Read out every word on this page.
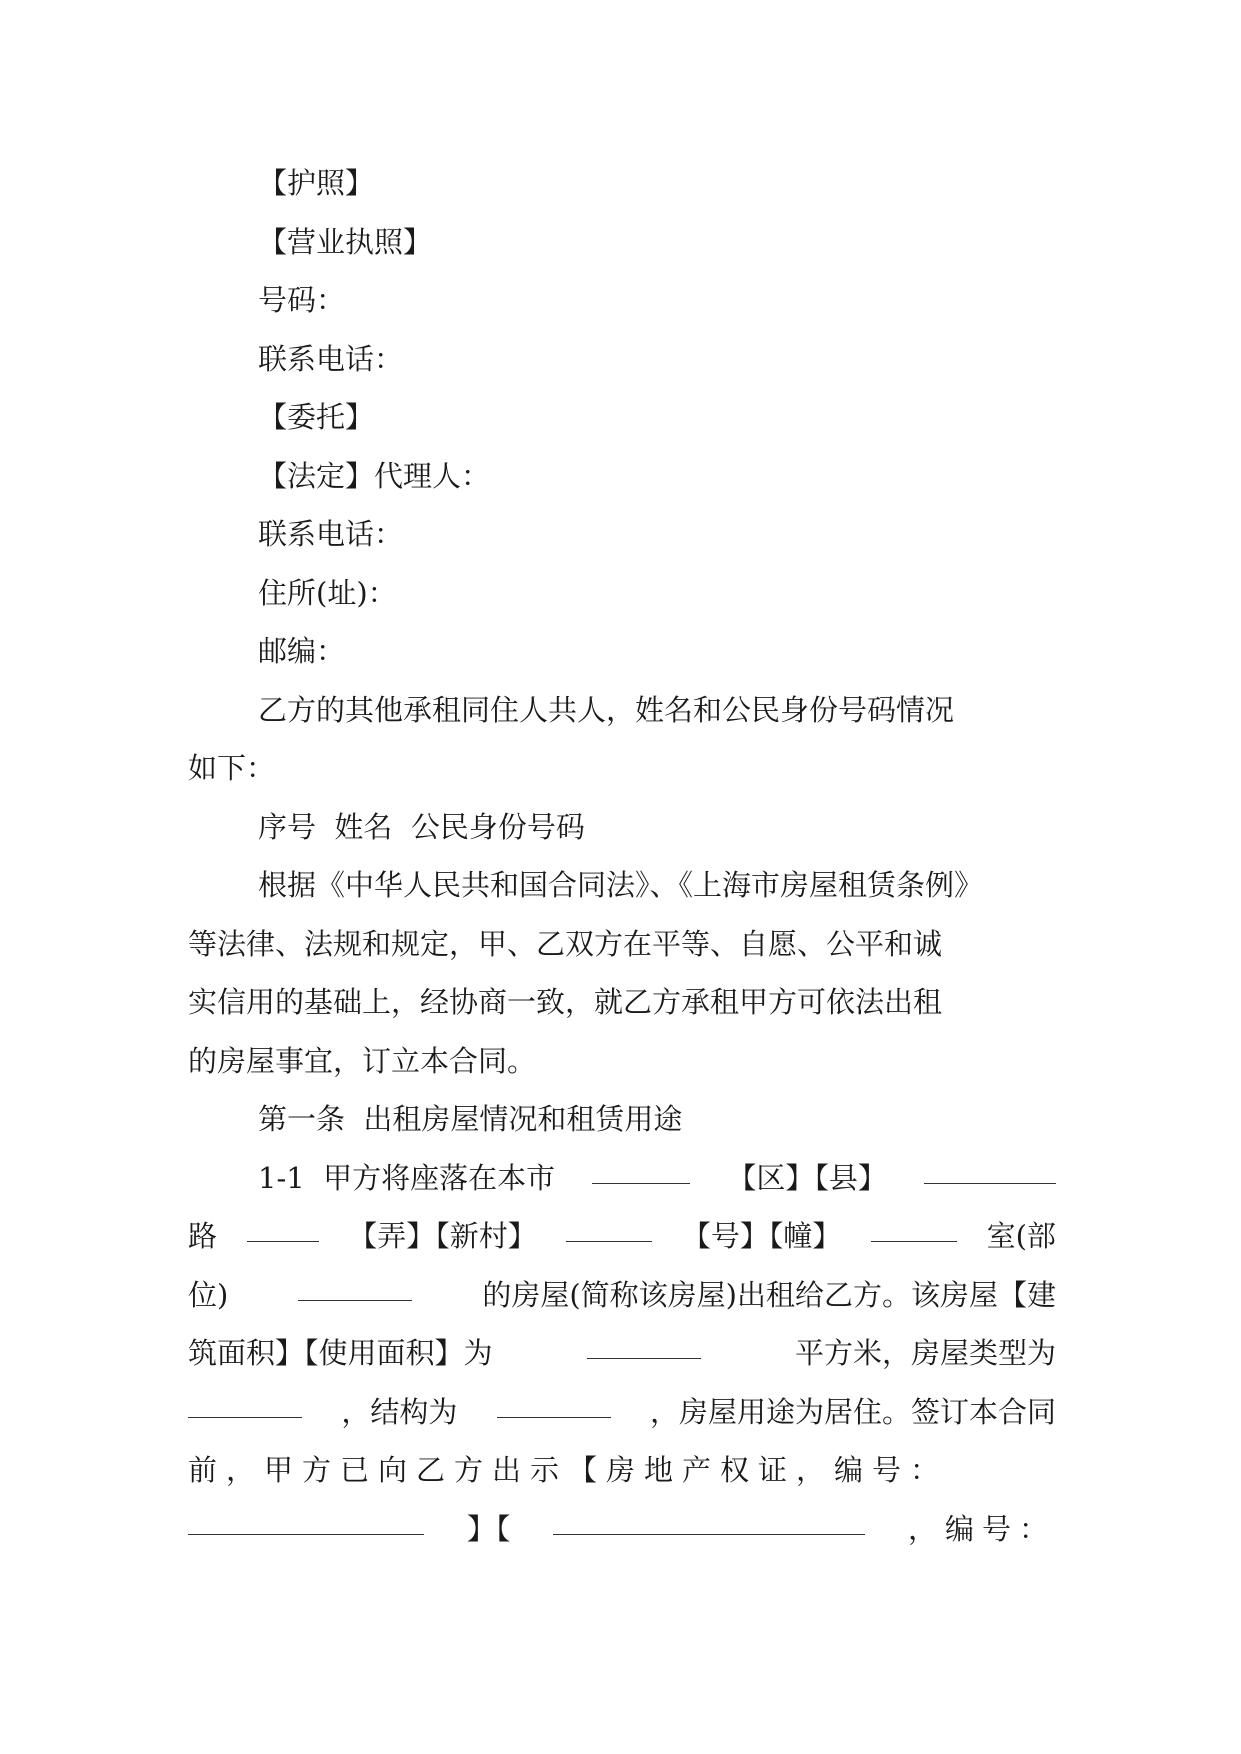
【护照】
【营业执照】
号码：
联系电话：
【委托】
【法定】代理人：
联系电话：
住所(址)：
邮编：
乙方的其他承租同住人共人，姓名和公民身份号码情况
如下：
序号  姓名  公民身份号码
根据《中华人民共和国合同法》、《上海市房屋租赁条例》
等法律、法规和规定，甲、乙双方在平等、自愿、公平和诚
实信用的基础上，经协商一致，就乙方承租甲方可依法出租
的房屋事宜，订立本合同。
第一条  出租房屋情况和租赁用途
1-1  甲方将座落在本市	【区】【县】
路	【弄】【新村】	【号】【幢】	室(部
位)	的房屋(简称该房屋)出租给乙方。该房屋【建
筑面积】【使用面积】为	平方米，房屋类型为
，结构为	，房屋用途为居住。签订本合同
前，甲方已向乙方出示【房地产权证，编号：
】【	，编号：
